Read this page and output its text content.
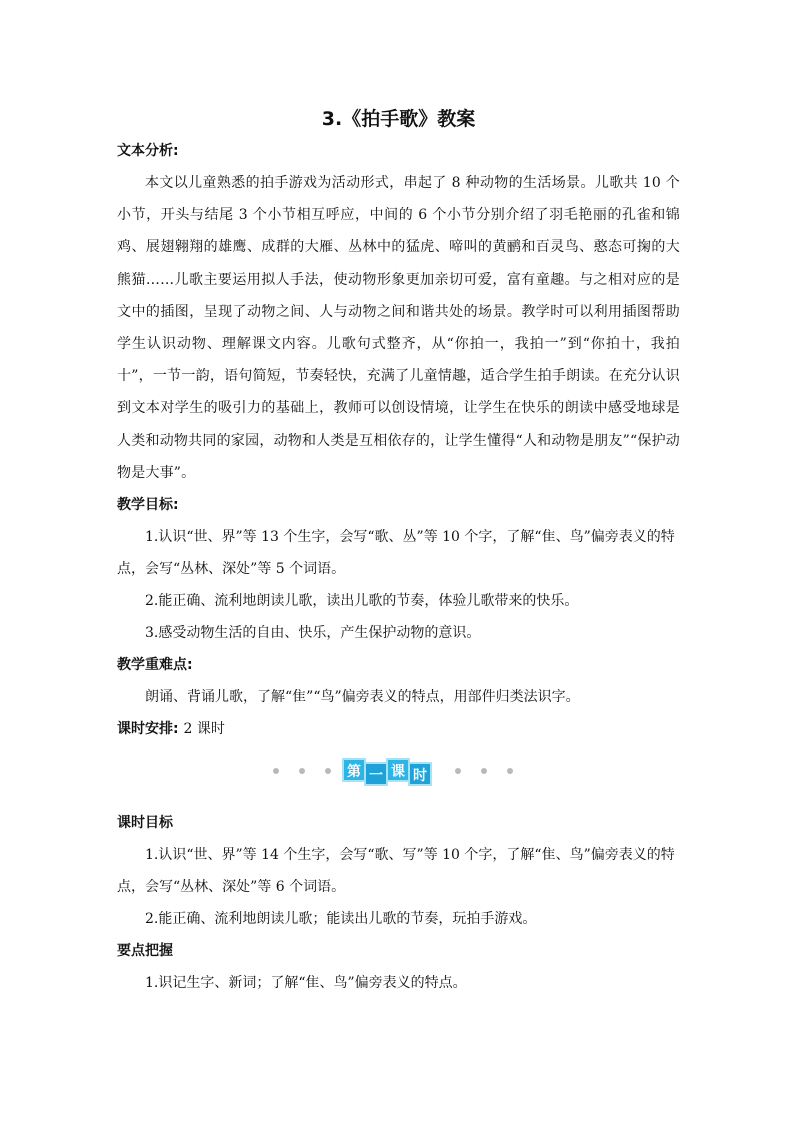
3.《拍手歌》教案
文本分析:

本文以儿童熟悉的拍手游戏为活动形式，串起了 8 种动物的生活场景。儿歌共 10 个小节，开头与结尾 3 个小节相互呼应，中间的 6 个小节分别介绍了羽毛艳丽的孔雀和锦鸡、展翅翱翔的雄鹰、成群的大雁、丛林中的猛虎、啼叫的黄鹂和百灵鸟、憨态可掬的大熊猫……儿歌主要运用拟人手法，使动物形象更加亲切可爱，富有童趣。与之相对应的是文中的插图，呈现了动物之间、人与动物之间和谐共处的场景。教学时可以利用插图帮助学生认识动物、理解课文内容。儿歌句式整齐，从“你拍一，我拍一”到“你拍十，我拍十”，一节一韵，语句简短，节奏轻快，充满了儿童情趣，适合学生拍手朗读。在充分认识到文本对学生的吸引力的基础上，教师可以创设情境，让学生在快乐的朗读中感受地球是人类和动物共同的家园，动物和人类是互相依存的，让学生懂得“人和动物是朋友”“保护动物是大事”。

教学目标:

1.认识“世、界”等 13 个生字，会写“歌、丛”等 10 个字，了解“隹、鸟”偏旁表义的特点，会写“丛林、深处”等 5 个词语。

2.能正确、流利地朗读儿歌，读出儿歌的节奏，体验儿歌带来的快乐。

3.感受动物生活的自由、快乐，产生保护动物的意识。

教学重难点:

朗诵、背诵儿歌，了解“隹”“鸟”偏旁表义的特点，用部件归类法识字。

课时安排: 2 课时
第 一 课 时
课时目标

1.认识“世、界”等 14 个生字，会写“歌、写”等 10 个字，了解“隹、鸟”偏旁表义的特点，会写“丛林、深处”等 6 个词语。

2.能正确、流利地朗读儿歌；能读出儿歌的节奏，玩拍手游戏。

要点把握

1.识记生字、新词；了解“隹、鸟”偏旁表义的特点。
